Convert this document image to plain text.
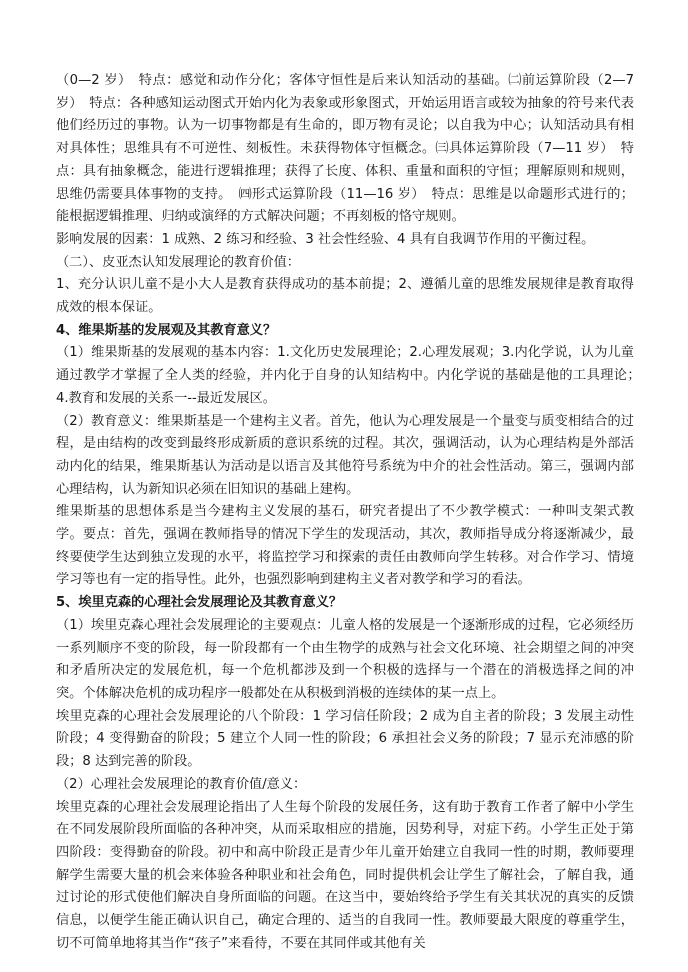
（0—2 岁）　特点：感觉和动作分化；客体守恒性是后来认知活动的基础。㈡前运算阶段（2—7 岁）　特点：各种感知运动图式开始内化为表象或形象图式，开始运用语言或较为抽象的符号来代表他们经历过的事物。认为一切事物都是有生命的，即万物有灵论；以自我为中心；认知活动具有相对具体性；思维具有不可逆性、刻板性。未获得物体守恒概念。㈢具体运算阶段（7—11 岁）　特点：具有抽象概念，能进行逻辑推理；获得了长度、体积、重量和面积的守恒；理解原则和规则，思维仍需要具体事物的支持。　㈣形式运算阶段（11—16 岁）　特点：思维是以命题形式进行的；能根据逻辑推理、归纳或演绎的方式解决问题；不再刻板的恪守规则。

影响发展的因素：1 成熟、2 练习和经验、3 社会性经验、4 具有自我调节作用的平衡过程。

（二）、皮亚杰认知发展理论的教育价值：

1、充分认识儿童不是小大人是教育获得成功的基本前提；2、遵循儿童的思维发展规律是教育取得成效的根本保证。

4、维果斯基的发展观及其教育意义？

（1）维果斯基的发展观的基本内容：1.文化历史发展理论；2.心理发展观；3.内化学说，认为儿童通过教学才掌握了全人类的经验，并内化于自身的认知结构中。内化学说的基础是他的工具理论；　4.教育和发展的关系一--最近发展区。

（2）教育意义：维果斯基是一个建构主义者。首先，他认为心理发展是一个量变与质变相结合的过程，是由结构的改变到最终形成新质的意识系统的过程。其次，强调活动，认为心理结构是外部活动内化的结果，维果斯基认为活动是以语言及其他符号系统为中介的社会性活动。第三，强调内部心理结构，认为新知识必须在旧知识的基础上建构。

维果斯基的思想体系是当今建构主义发展的基石，研究者提出了不少教学模式：一种叫支架式教学。要点：首先，强调在教师指导的情况下学生的发现活动，其次，教师指导成分将逐渐减少，最终要使学生达到独立发现的水平，将监控学习和探索的责任由教师向学生转移。对合作学习、情境学习等也有一定的指导性。此外，也强烈影响到建构主义者对教学和学习的看法。

5、埃里克森的心理社会发展理论及其教育意义？

（1）埃里克森心理社会发展理论的主要观点：儿童人格的发展是一个逐渐形成的过程，它必须经历一系列顺序不变的阶段，每一阶段都有一个由生物学的成熟与社会文化环境、社会期望之间的冲突和矛盾所决定的发展危机，每一个危机都涉及到一个积极的选择与一个潜在的消极选择之间的冲突。个体解决危机的成功程序一般都处在从积极到消极的连续体的某一点上。

埃里克森的心理社会发展理论的八个阶段：1 学习信任阶段；2 成为自主者的阶段；3 发展主动性阶段；4 变得勤奋的阶段；5 建立个人同一性的阶段；6 承担社会义务的阶段；7 显示充沛感的阶段；8 达到完善的阶段。

（2）心理社会发展理论的教育价值/意义：

埃里克森的心理社会发展理论指出了人生每个阶段的发展任务，这有助于教育工作者了解中小学生在不同发展阶段所面临的各种冲突，从而采取相应的措施，因势利导，对症下药。小学生正处于第四阶段：变得勤奋的阶段。初中和高中阶段正是青少年儿童开始建立自我同一性的时期，教师要理解学生需要大量的机会来体验各种职业和社会角色，同时提供机会让学生了解社会，了解自我，通过讨论的形式使他们解决自身所面临的问题。在这当中，要始终给予学生有关其状况的真实的反馈信息，以便学生能正确认识自己，确定合理的、适当的自我同一性。教师要最大限度的尊重学生，切不可简单地将其当作“孩子”来看待，不要在其同伴或其他有关
